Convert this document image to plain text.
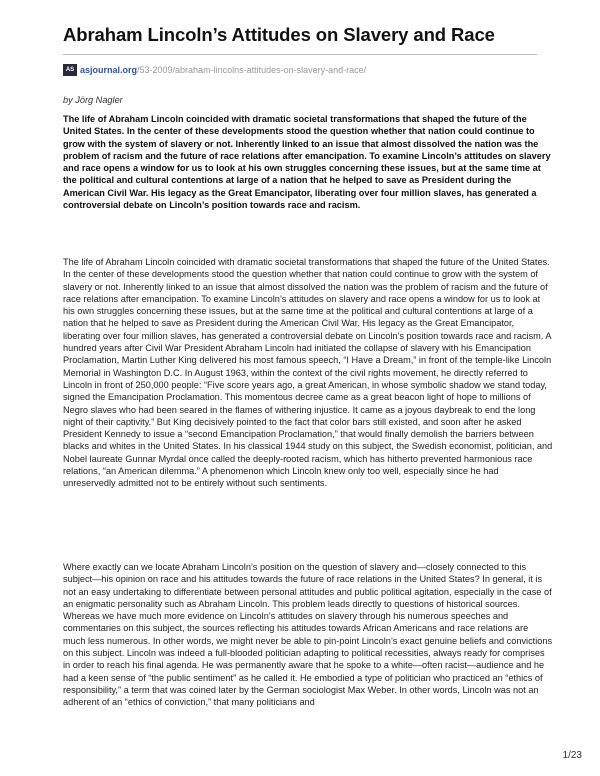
Abraham Lincoln’s Attitudes on Slavery and Race
AS asjournal.org/53-2009/abraham-lincolns-attitudes-on-slavery-and-race/
by Jörg Nagler
The life of Abraham Lincoln coincided with dramatic societal transformations that shaped the future of the United States. In the center of these developments stood the question whether that nation could continue to grow with the system of slavery or not. Inherently linked to an issue that almost dissolved the nation was the problem of racism and the future of race relations after emancipation. To examine Lincoln’s attitudes on slavery and race opens a window for us to look at his own struggles concerning these issues, but at the same time at the political and cultural contentions at large of a nation that he helped to save as President during the American Civil War. His legacy as the Great Emancipator, liberating over four million slaves, has generated a controversial debate on Lincoln’s position towards race and racism.
The life of Abraham Lincoln coincided with dramatic societal transformations that shaped the future of the United States. In the center of these developments stood the question whether that nation could continue to grow with the system of slavery or not. Inherently linked to an issue that almost dissolved the nation was the problem of racism and the future of race relations after emancipation. To examine Lincoln’s attitudes on slavery and race opens a window for us to look at his own struggles concerning these issues, but at the same time at the political and cultural contentions at large of a nation that he helped to save as President during the American Civil War. His legacy as the Great Emancipator, liberating over four million slaves, has generated a controversial debate on Lincoln’s position towards race and racism. A hundred years after Civil War President Abraham Lincoln had initiated the collapse of slavery with his Emancipation Proclamation, Martin Luther King delivered his most famous speech, “I Have a Dream,” in front of the temple-like Lincoln Memorial in Washington D.C. In August 1963, within the context of the civil rights movement, he directly referred to Lincoln in front of 250,000 people: “Five score years ago, a great American, in whose symbolic shadow we stand today, signed the Emancipation Proclamation. This momentous decree came as a great beacon light of hope to millions of Negro slaves who had been seared in the flames of withering injustice. It came as a joyous daybreak to end the long night of their captivity.” But King decisively pointed to the fact that color bars still existed, and soon after he asked President Kennedy to issue a “second Emancipation Proclamation,” that would finally demolish the barriers between blacks and whites in the United States. In his classical 1944 study on this subject, the Swedish economist, politician, and Nobel laureate Gunnar Myrdal once called the deeply-rooted racism, which has hitherto prevented harmonious race relations, “an American dilemma.” A phenomenon which Lincoln knew only too well, especially since he had unreservedly admitted not to be entirely without such sentiments.
Where exactly can we locate Abraham Lincoln’s position on the question of slavery and—closely connected to this subject—his opinion on race and his attitudes towards the future of race relations in the United States? In general, it is not an easy undertaking to differentiate between personal attitudes and public political agitation, especially in the case of an enigmatic personality such as Abraham Lincoln. This problem leads directly to questions of historical sources. Whereas we have much more evidence on Lincoln’s attitudes on slavery through his numerous speeches and commentaries on this subject, the sources reflecting his attitudes towards African Americans and race relations are much less numerous. In other words, we might never be able to pin-point Lincoln’s exact genuine beliefs and convictions on this subject. Lincoln was indeed a full-blooded politician adapting to political recessities, always ready for comprises in order to reach his final agenda. He was permanently aware that he spoke to a white—often racist—audience and he had a keen sense of “the public sentiment” as he called it. He embodied a type of politician who practiced an “ethics of responsibility,” a term that was coined later by the German sociologist Max Weber. In other words, Lincoln was not an adherent of an “ethics of conviction,” that many politicians and
1/23
